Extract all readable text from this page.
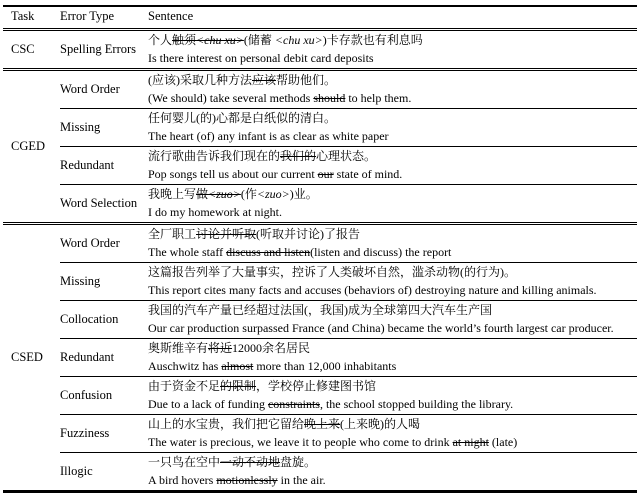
Task	Error Type	Sentence
CSC	Spelling Errors	个人触须<chu xu>(储蓄 <chu xu>)卡存款也有利息吗
Is there interest on personal debit card deposits

CGED	Word Order	(应该)采取几种方法应该帮助他们。
(We should) take several methods should to help them.

	Missing	任何婴儿(的)心都是白纸似的清白。
The heart (of) any infant is as clear as white paper

	Redundant	流行歌曲告诉我们现在的我们的心理状态。
Pop songs tell us about our current our state of mind.

	Word Selection	我晚上写做<zuo>(作<zuo>)业。
I do my homework at night.

CSED	Word Order	全厂职工讨论并听取(听取并讨论)了报告
The whole staff discuss and listen(listen and discuss) the report

	Missing	这篇报告列举了大量事实，控诉了人类破坏自然，滥杀动物(的行为)。
This report cites many facts and accuses (behaviors of) destroying nature and killing animals.

	Collocation	我国的汽车产量已经超过法国(，我国)成为全球第四大汽车生产国
Our car production surpassed France (and China) became the world’s fourth largest car producer.

	Redundant	奥斯维辛有将近12000余名居民
Auschwitz has almost more than 12,000 inhabitants

	Confusion	由于资金不足的限制，学校停止修建图书馆
Due to a lack of funding constraints, the school stopped building the library.

	Fuzziness	山上的水宝贵，我们把它留给晚上来(上来晚)的人喝
The water is precious, we leave it to people who come to drink at night (late)

	Illogic	一只鸟在空中一动不动地盘旋。
A bird hovers motionlessly in the air.
